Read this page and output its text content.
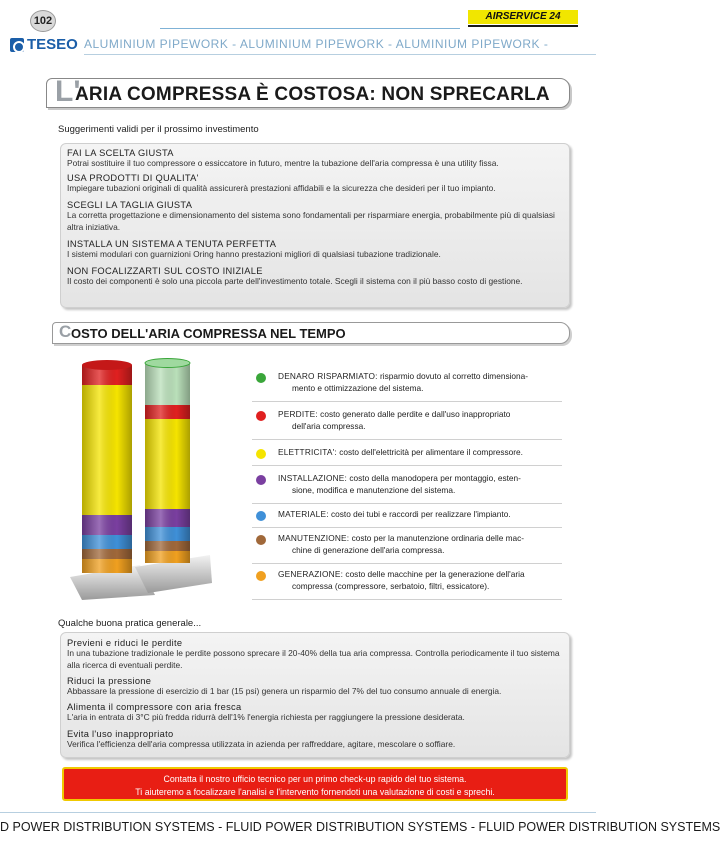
102	AIRSERVICE 24
TESEO ALUMINIUM PIPEWORK - ALUMINIUM PIPEWORK - ALUMINIUM PIPEWORK -
L'
ARIA COMPRESSA È COSTOSA: NON SPRECARLA
Suggerimenti validi per il prossimo investimento
FAI LA SCELTA GIUSTA
Potrai sostituire il tuo compressore o essiccatore in futuro, mentre la tubazione dell'aria compressa è una utility fissa.
USA PRODOTTI DI QUALITA'
Impiegare tubazioni originali di qualità assicurerà prestazioni affidabili e la sicurezza che desideri per il tuo impianto.
SCEGLI LA TAGLIA GIUSTA
La corretta progettazione e dimensionamento del sistema sono fondamentali per risparmiare energia, probabilmente più di qualsiasi altra iniziativa.
INSTALLA UN SISTEMA A TENUTA PERFETTA
I sistemi modulari con guarnizioni Oring hanno prestazioni migliori di qualsiasi tubazione tradizionale.
NON FOCALIZZARTI SUL COSTO INIZIALE
Il costo dei componenti è solo una piccola parte dell'investimento totale. Scegli il sistema con il più basso costo di gestione.
C OSTO DELL'ARIA COMPRESSA NEL TEMPO
DENARO RISPARMIATO: risparmio dovuto al corretto dimensiona-
mento e ottimizzazione del sistema.
PERDITE: costo generato dalle perdite e dall'uso inappropriato
dell'aria compressa.
ELETTRICITA': costo dell'elettricità per alimentare il compressore.
INSTALLAZIONE: costo della manodopera per montaggio, esten-
sione, modifica e manutenzione del sistema.
MATERIALE: costo dei tubi e raccordi per realizzare l'impianto.
MANUTENZIONE: costo per la manutenzione ordinaria delle mac-
chine di generazione dell'aria compressa.
GENERAZIONE: costo delle macchine per la generazione dell'aria
compressa (compressore, serbatoio, filtri, essicatore).
Qualche buona pratica generale...
Previeni e riduci le perdite
In una tubazione tradizionale le perdite possono sprecare il 20-40% della tua aria compressa. Controlla periodicamente il tuo sistema alla ricerca di eventuali perdite.
Riduci la pressione
Abbassare la pressione di esercizio di 1 bar (15 psi) genera un risparmio del 7% del tuo consumo annuale di energia.
Alimenta il compressore con aria fresca
L'aria in entrata di 3°C più fredda ridurrà dell'1% l'energia richiesta per raggiungere la pressione desiderata.
Evita l'uso inappropriato
Verifica l'efficienza dell'aria compressa utilizzata in azienda per raffreddare, agitare, mescolare o soffiare.
Contatta il nostro ufficio tecnico per un primo check-up rapido del tuo sistema.
Ti aiuteremo a focalizzare l'analisi e l'intervento fornendoti una valutazione di costi e sprechi.
D POWER DISTRIBUTION SYSTEMS - FLUID POWER DISTRIBUTION SYSTEMS - FLUID POWER DISTRIBUTION SYSTEMS
